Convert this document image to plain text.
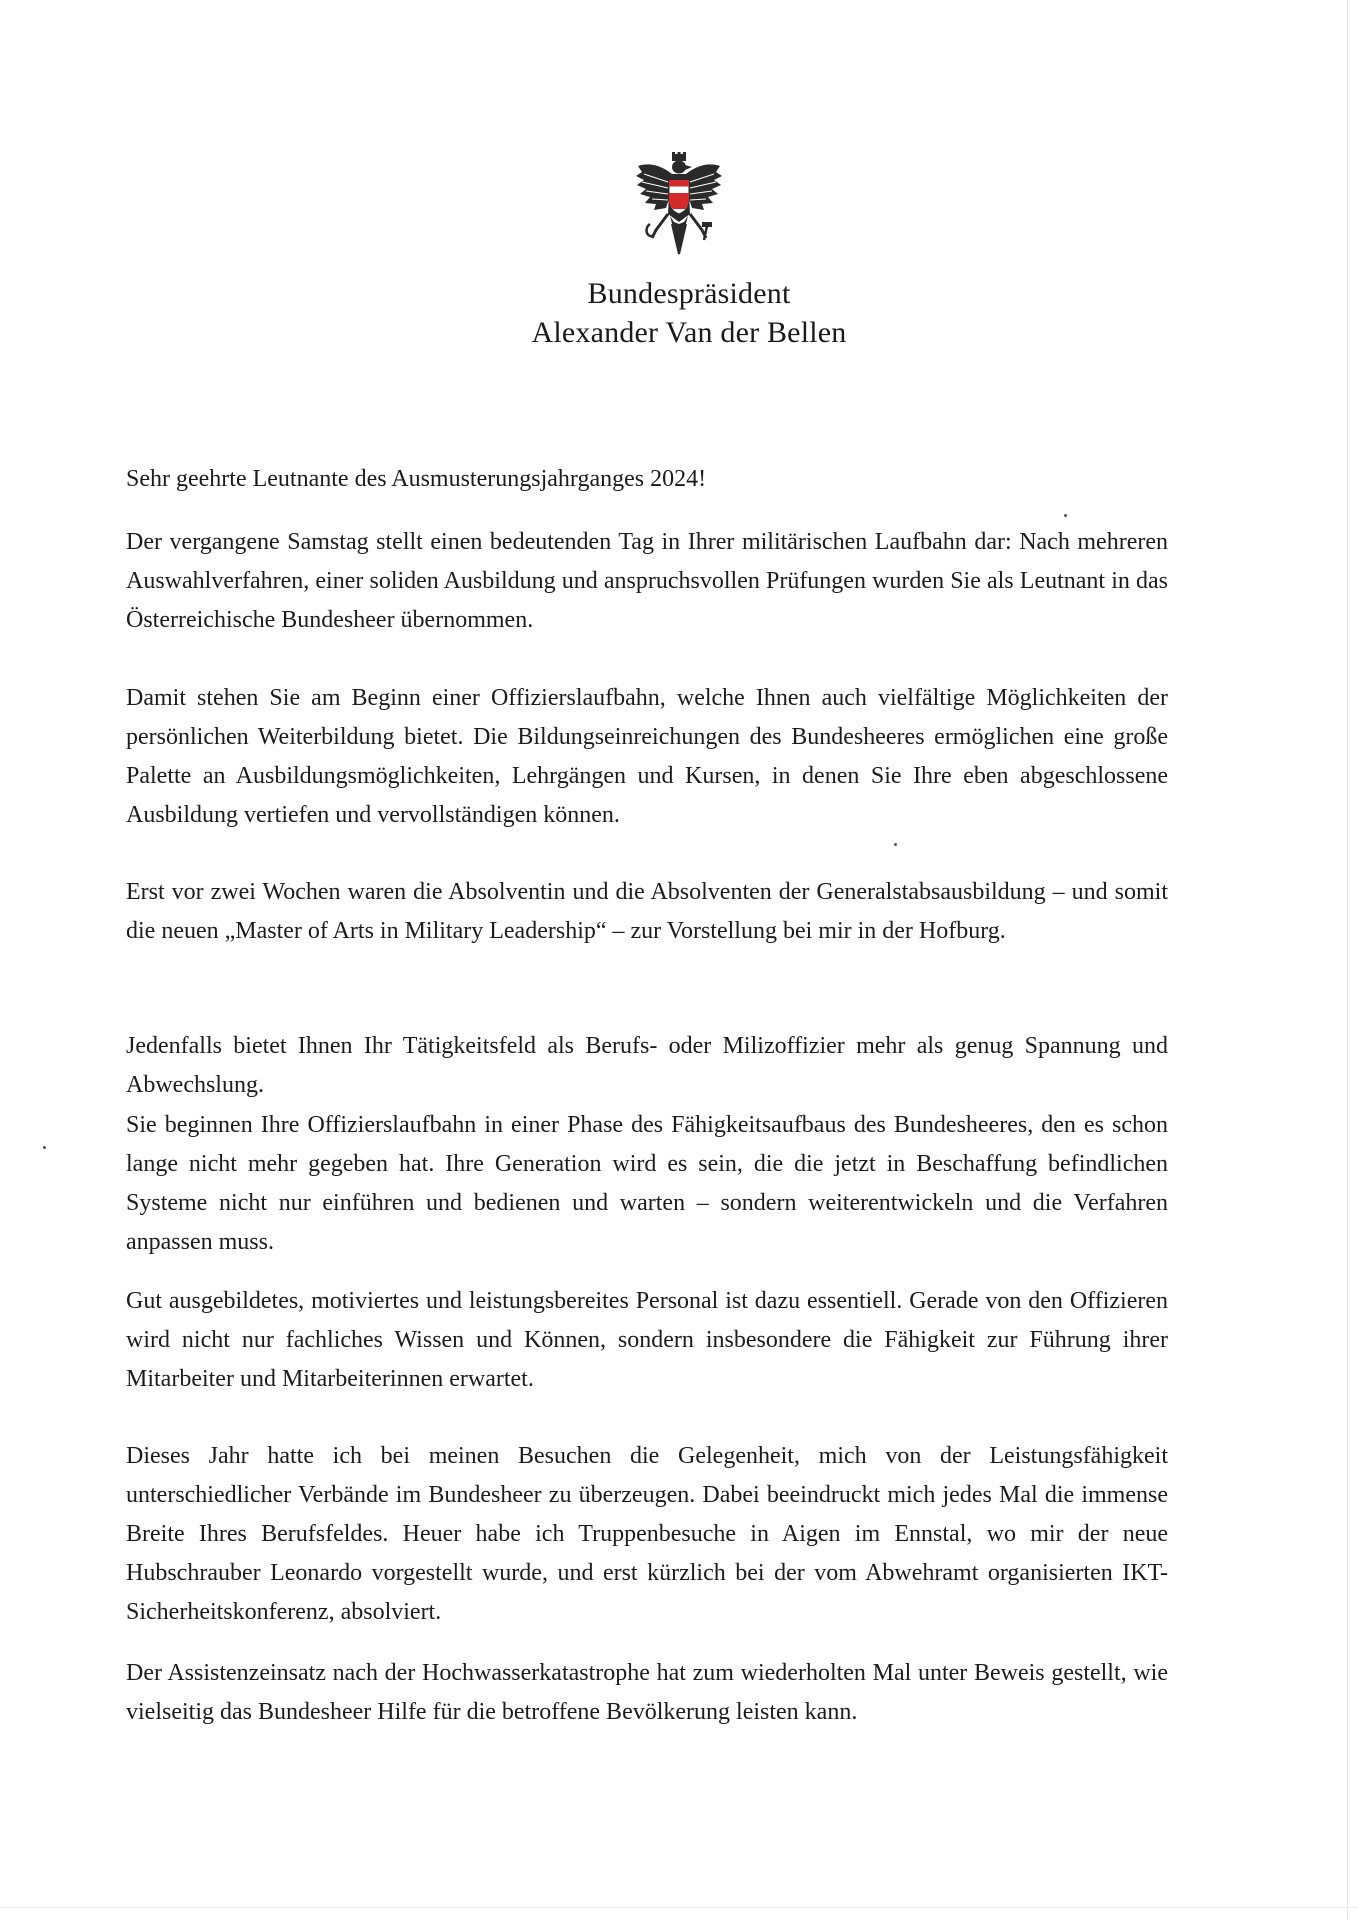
Bundespräsident
Alexander Van der Bellen
Sehr geehrte Leutnante des Ausmusterungsjahrganges 2024!
Der vergangene Samstag stellt einen bedeutenden Tag in Ihrer militärischen Laufbahn dar: Nach mehreren Auswahlverfahren, einer soliden Ausbildung und anspruchsvollen Prüfungen wurden Sie als Leutnant in das Österreichische Bundesheer übernommen.
Damit stehen Sie am Beginn einer Offizierslaufbahn, welche Ihnen auch vielfältige Möglichkeiten der persönlichen Weiterbildung bietet. Die Bildungseinreichungen des Bundesheeres ermöglichen eine große Palette an Ausbildungsmöglichkeiten, Lehrgängen und Kursen, in denen Sie Ihre eben abgeschlossene Ausbildung vertiefen und vervollständigen können.
Erst vor zwei Wochen waren die Absolventin und die Absolventen der Generalstabsausbildung – und somit die neuen „Master of Arts in Military Leadership“ – zur Vorstellung bei mir in der Hofburg.
Jedenfalls bietet Ihnen Ihr Tätigkeitsfeld als Berufs- oder Milizoffizier mehr als genug Spannung und Abwechslung.
Sie beginnen Ihre Offizierslaufbahn in einer Phase des Fähigkeitsaufbaus des Bundesheeres, den es schon lange nicht mehr gegeben hat. Ihre Generation wird es sein, die die jetzt in Beschaffung befindlichen Systeme nicht nur einführen und bedienen und warten – sondern weiterentwickeln und die Verfahren anpassen muss.
Gut ausgebildetes, motiviertes und leistungsbereites Personal ist dazu essentiell. Gerade von den Offizieren wird nicht nur fachliches Wissen und Können, sondern insbesondere die Fähigkeit zur Führung ihrer Mitarbeiter und Mitarbeiterinnen erwartet.
Dieses Jahr hatte ich bei meinen Besuchen die Gelegenheit, mich von der Leistungsfähigkeit unterschiedlicher Verbände im Bundesheer zu überzeugen. Dabei beeindruckt mich jedes Mal die immense Breite Ihres Berufsfeldes. Heuer habe ich Truppenbesuche in Aigen im Ennstal, wo mir der neue Hubschrauber Leonardo vorgestellt wurde, und erst kürzlich bei der vom Abwehramt organisierten IKT-Sicherheitskonferenz, absolviert.
Der Assistenzeinsatz nach der Hochwasserkatastrophe hat zum wiederholten Mal unter Beweis gestellt, wie vielseitig das Bundesheer Hilfe für die betroffene Bevölkerung leisten kann.
